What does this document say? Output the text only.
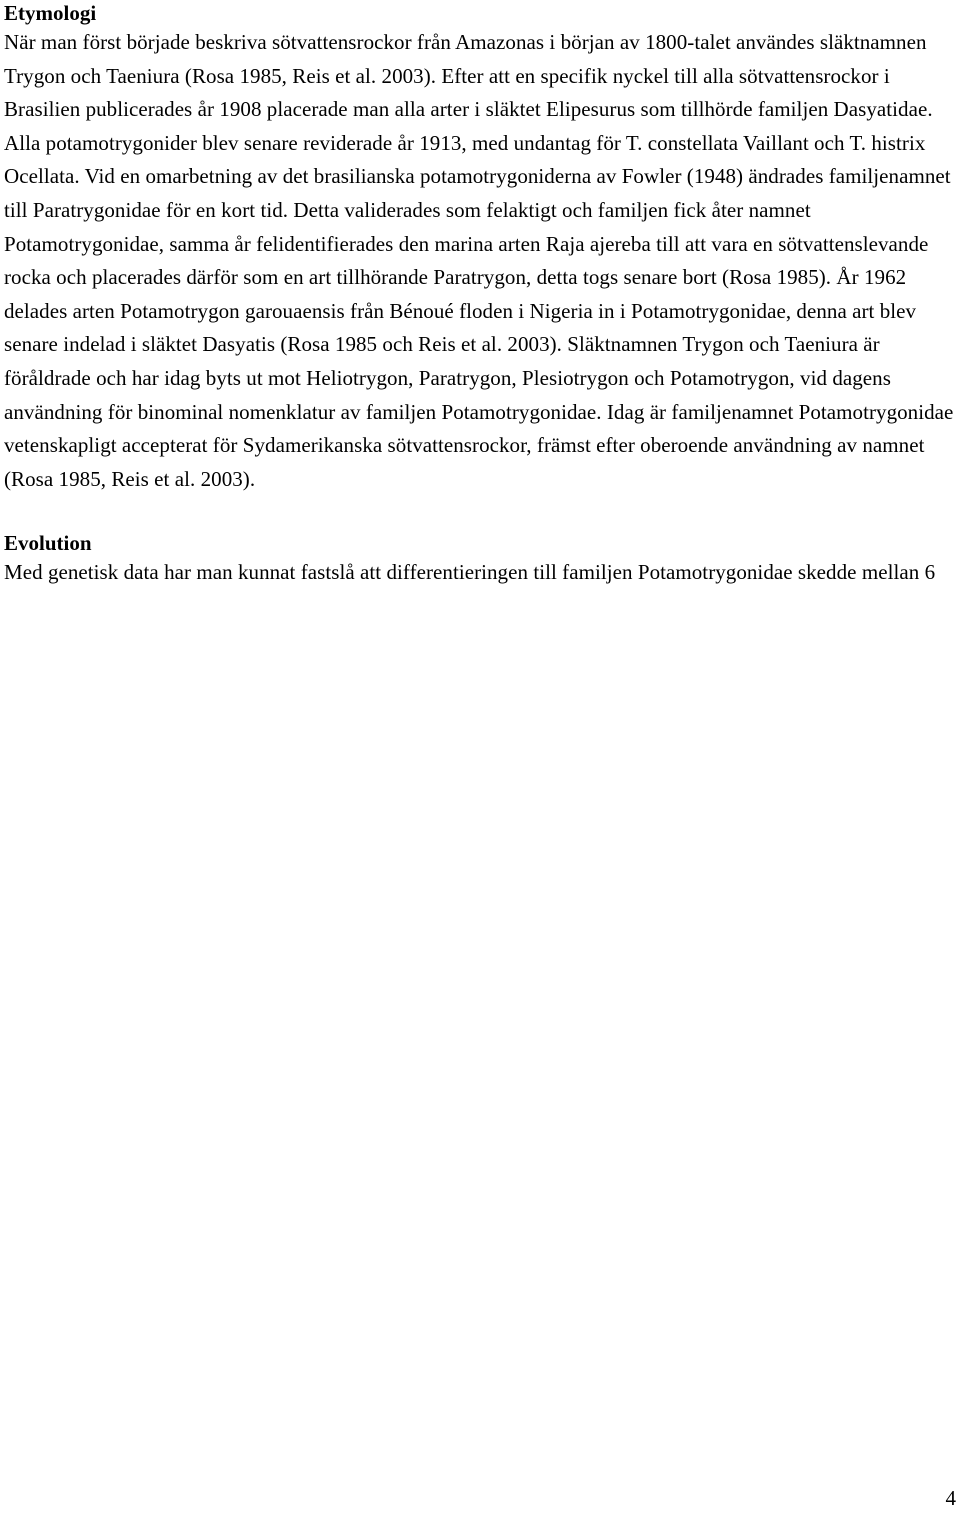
Etymologi

När man först började beskriva sötvattensrockor från Amazonas i början av 1800-talet användes släktnamnen Trygon och Taeniura (Rosa 1985, Reis et al. 2003). Efter att en specifik nyckel till alla sötvattensrockor i Brasilien publicerades år 1908 placerade man alla arter i släktet Elipesurus som tillhörde familjen Dasyatidae. Alla potamotrygonider blev senare reviderade år 1913, med undantag för T. constellata Vaillant och T. histrix Ocellata. Vid en omarbetning av det brasilianska potamotrygoniderna av Fowler (1948) ändrades familjenamnet till Paratrygonidae för en kort tid. Detta validerades som felaktigt och familjen fick åter namnet Potamotrygonidae, samma år felidentifierades den marina arten Raja ajereba till att vara en sötvattenslevande rocka och placerades därför som en art tillhörande Paratrygon, detta togs senare bort (Rosa 1985). År 1962 delades arten Potamotrygon garouaensis från Bénoué floden i Nigeria in i Potamotrygonidae, denna art blev senare indelad i släktet Dasyatis (Rosa 1985 och Reis et al. 2003). Släktnamnen Trygon och Taeniura är föråldrade och har idag byts ut mot Heliotrygon, Paratrygon, Plesiotrygon och Potamotrygon, vid dagens användning för binominal nomenklatur av familjen Potamotrygonidae. Idag är familjenamnet Potamotrygonidae vetenskapligt accepterat för Sydamerikanska sötvattensrockor, främst efter oberoende användning av namnet (Rosa 1985, Reis et al. 2003).

Evolution

Med genetisk data har man kunnat fastslå att differentieringen till familjen Potamotrygonidae skedde mellan 6

4
